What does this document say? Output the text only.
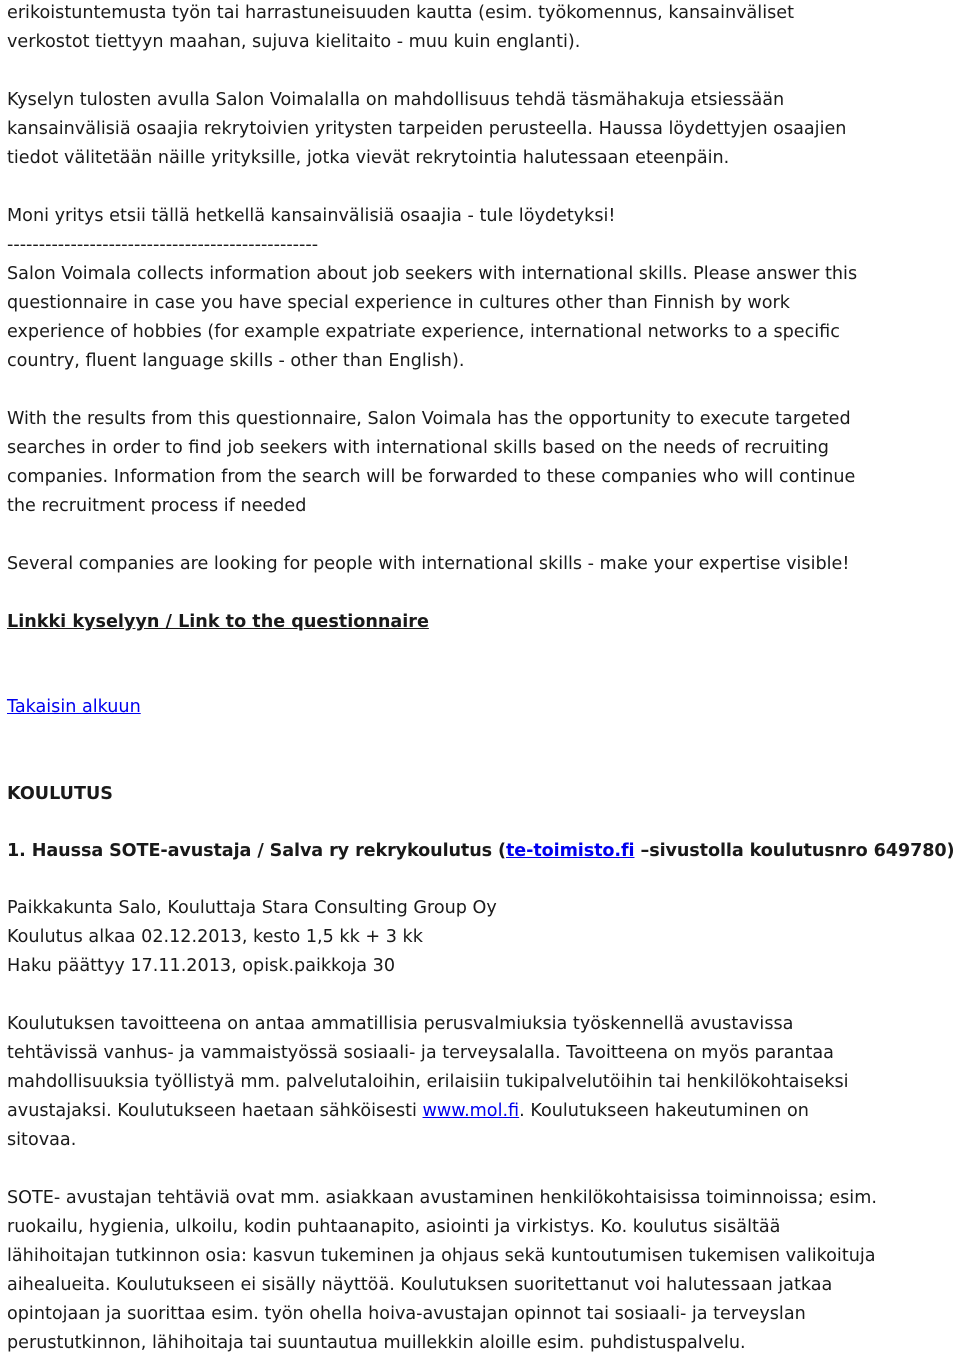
erikoistuntemusta työn tai harrastuneisuuden kautta (esim. työkomennus, kansainväliset
verkostot tiettyyn maahan, sujuva kielitaito - muu kuin englanti).
Kyselyn tulosten avulla Salon Voimalalla on mahdollisuus tehdä täsmähakuja etsiessään
kansainvälisiä osaajia rekrytoivien yritysten tarpeiden perusteella. Haussa löydettyjen osaajien
tiedot välitetään näille yrityksille, jotka vievät rekrytointia halutessaan eteenpäin.
Moni yritys etsii tällä hetkellä kansainvälisiä osaajia - tule löydetyksi!
-------------------------------------------------
Salon Voimala collects information about job seekers with international skills. Please answer this
questionnaire in case you have special experience in cultures other than Finnish by work
experience of hobbies (for example expatriate experience, international networks to a specific
country, fluent language skills - other than English).
With the results from this questionnaire, Salon Voimala has the opportunity to execute targeted
searches in order to find job seekers with international skills based on the needs of recruiting
companies. Information from the search will be forwarded to these companies who will continue
the recruitment process if needed
Several companies are looking for people with international skills - make your expertise visible!
Linkki kyselyyn / Link to the questionnaire
Takaisin alkuun
KOULUTUS
1. Haussa SOTE-avustaja / Salva ry rekrykoulutus (te-toimisto.fi –sivustolla koulutusnro 649780)
Paikkakunta Salo, Kouluttaja Stara Consulting Group Oy
Koulutus alkaa 02.12.2013, kesto 1,5 kk + 3 kk
Haku päättyy 17.11.2013, opisk.paikkoja 30
Koulutuksen tavoitteena on antaa ammatillisia perusvalmiuksia työskennellä avustavissa
tehtävissä vanhus- ja vammaistyössä sosiaali- ja terveysalalla. Tavoitteena on myös parantaa
mahdollisuuksia työllistyä mm. palvelutaloihin, erilaisiin tukipalvelutöihin tai henkilökohtaiseksi
avustajaksi. Koulutukseen haetaan sähköisesti www.mol.fi. Koulutukseen hakeutuminen on
sitovaa.
SOTE- avustajan tehtäviä ovat mm. asiakkaan avustaminen henkilökohtaisissa toiminnoissa; esim.
ruokailu, hygienia, ulkoilu, kodin puhtaanapito, asiointi ja virkistys. Ko. koulutus sisältää
lähihoitajan tutkinnon osia: kasvun tukeminen ja ohjaus sekä kuntoutumisen tukemisen valikoituja
aihealueita. Koulutukseen ei sisälly näyttöä. Koulutuksen suoritettanut voi halutessaan jatkaa
opintojaan ja suorittaa esim. työn ohella hoiva-avustajan opinnot tai sosiaali- ja terveyslan
perustutkinnon, lähihoitaja tai suuntautua muillekkin aloille esim. puhdistuspalvelu.
